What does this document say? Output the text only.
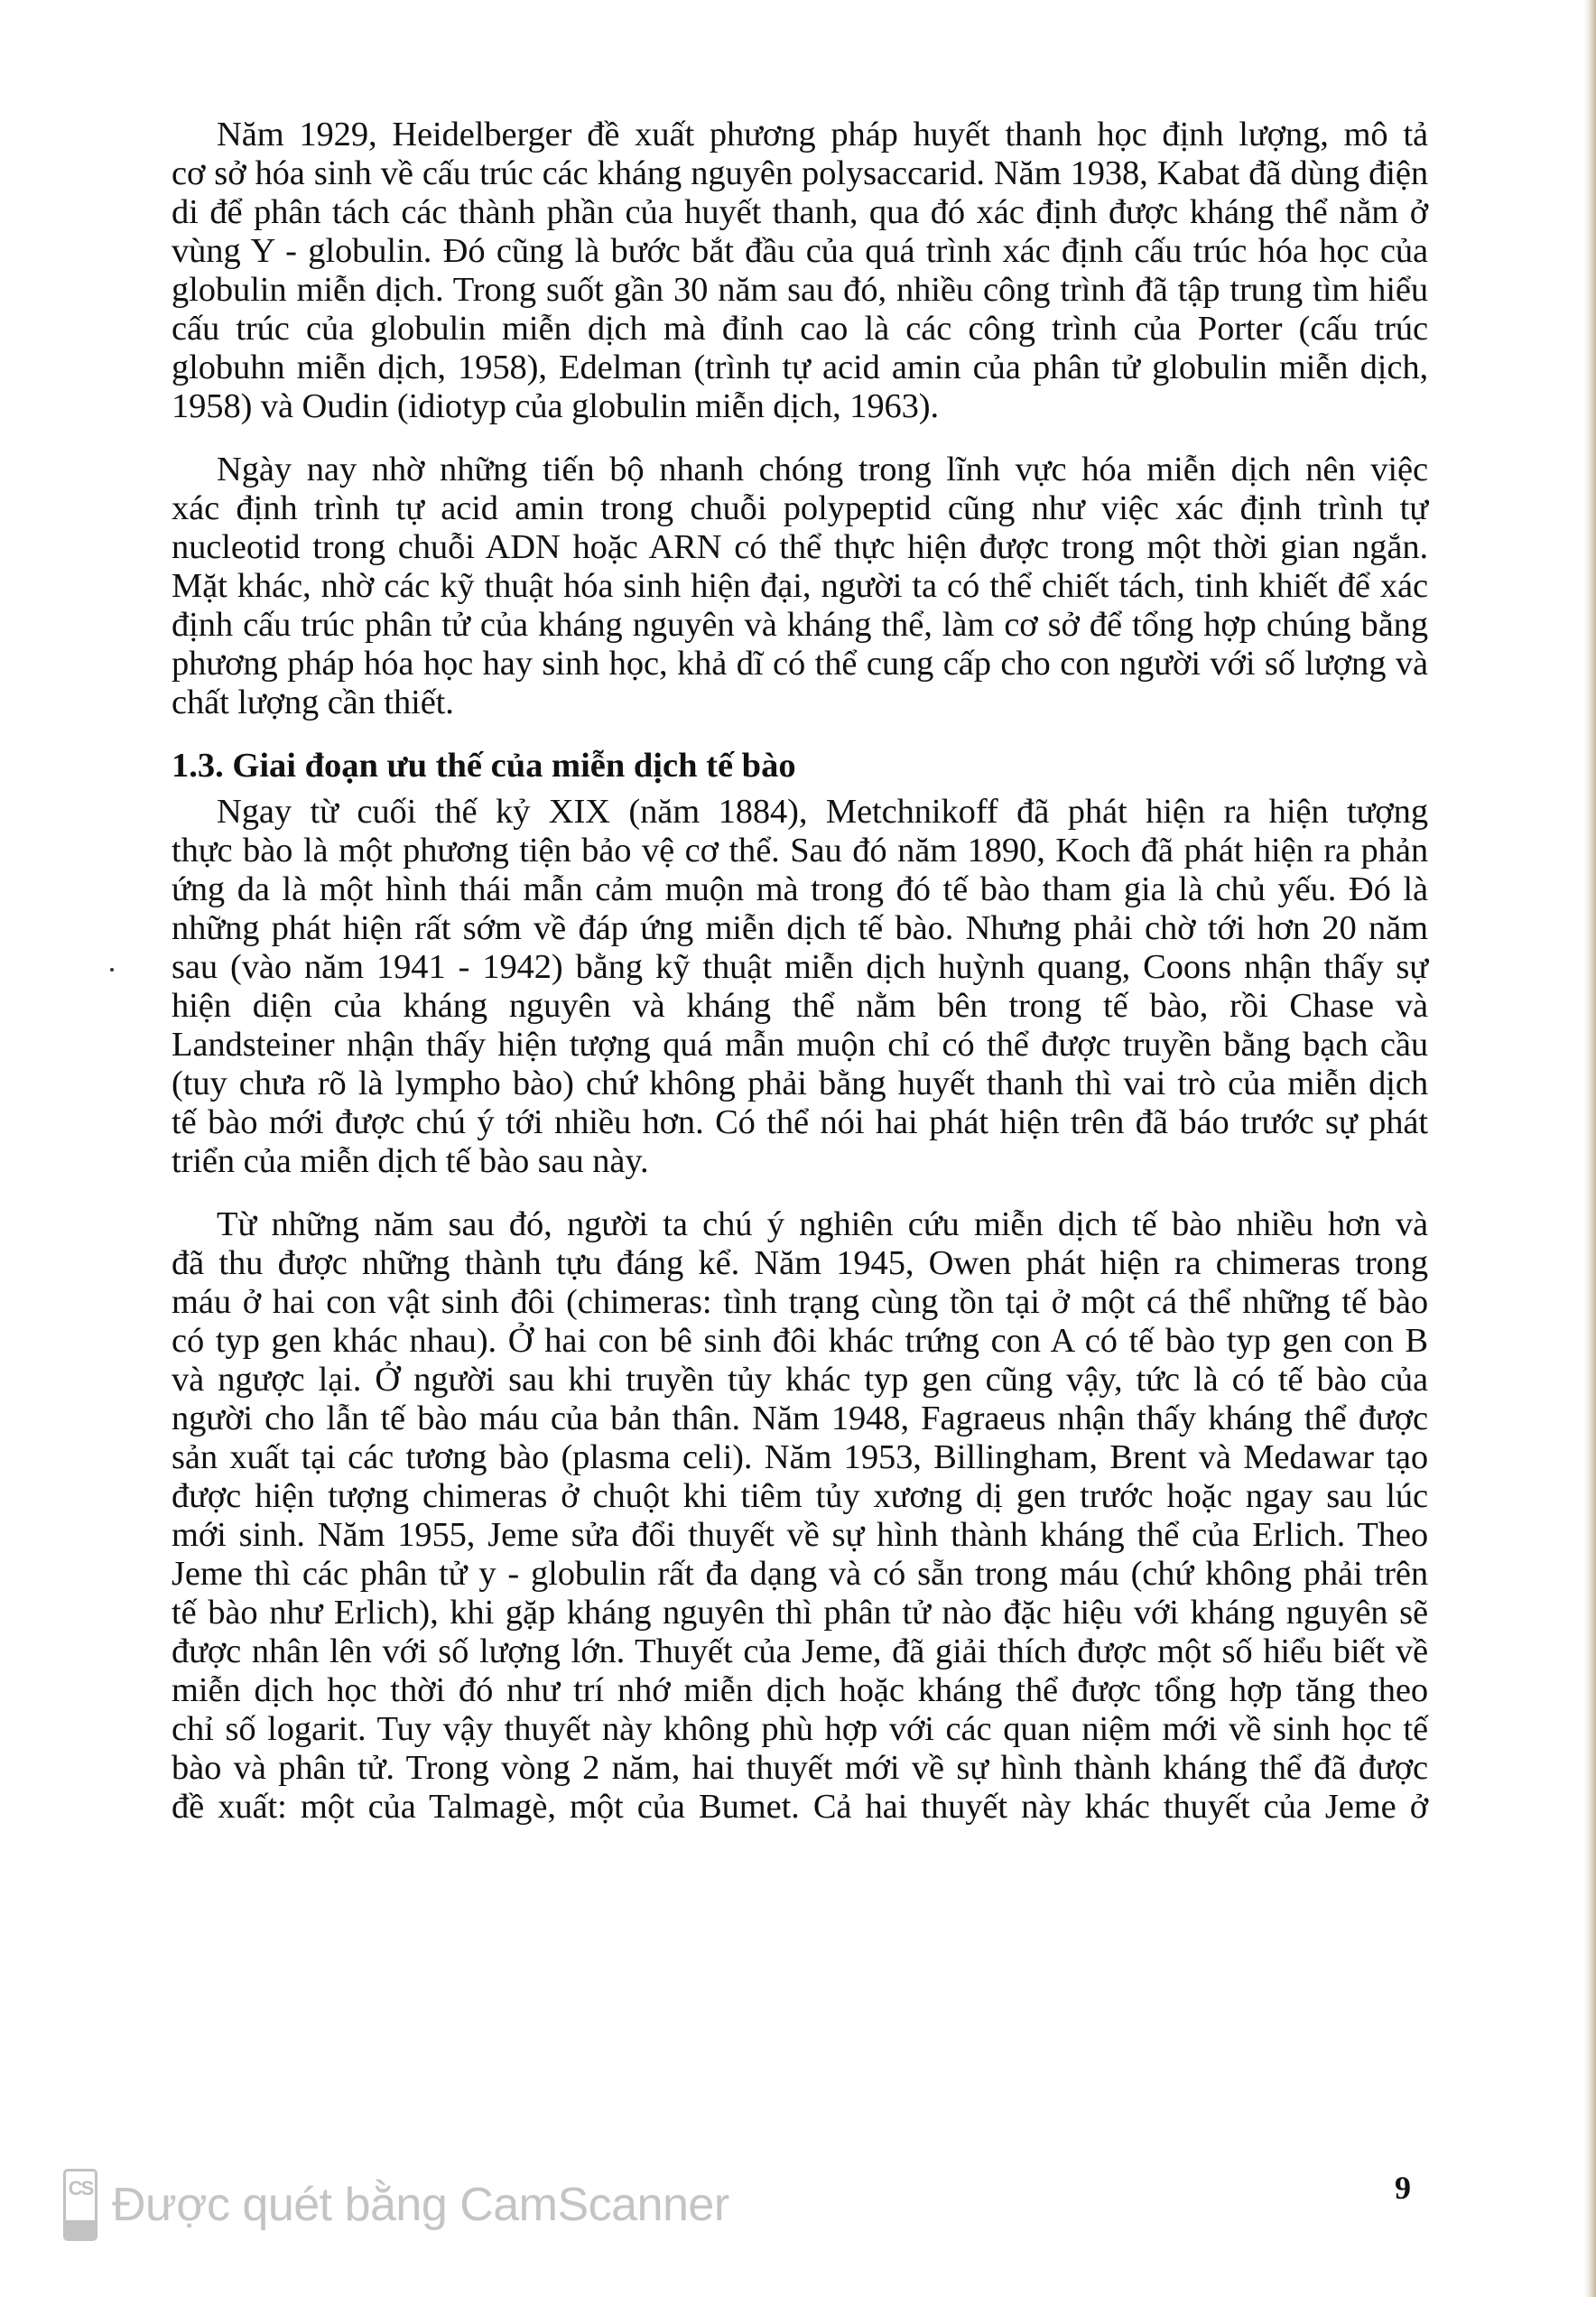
Năm 1929, Heidelberger đề xuất phương pháp huyết thanh học định lượng, mô tả
cơ sở hóa sinh về cấu trúc các kháng nguyên polysaccarid. Năm 1938, Kabat đã dùng điện
di để phân tách các thành phần của huyết thanh, qua đó xác định được kháng thể nằm ở
vùng Y - globulin. Đó cũng là bước bắt đầu của quá trình xác định cấu trúc hóa học của
globulin miễn dịch. Trong suốt gần 30 năm sau đó, nhiều công trình đã tập trung tìm hiểu
cấu trúc của globulin miễn dịch mà đỉnh cao là các công trình của Porter (cấu trúc
globuhn miễn dịch, 1958), Edelman (trình tự acid amin của phân tử globulin miễn dịch,
1958) và Oudin (idiotyp của globulin miễn dịch, 1963).
Ngày nay nhờ những tiến bộ nhanh chóng trong lĩnh vực hóa miễn dịch nên việc
xác định trình tự acid amin trong chuỗi polypeptid cũng như việc xác định trình tự
nucleotid trong chuỗi ADN hoặc ARN có thể thực hiện được trong một thời gian ngắn.
Mặt khác, nhờ các kỹ thuật hóa sinh hiện đại, người ta có thể chiết tách, tinh khiết để xác
định cấu trúc phân tử của kháng nguyên và kháng thể, làm cơ sở để tổng hợp chúng bằng
phương pháp hóa học hay sinh học, khả dĩ có thể cung cấp cho con người với số lượng và
chất lượng cần thiết.
1.3. Giai đoạn ưu thế của miễn dịch tế bào
Ngay từ cuối thế kỷ XIX (năm 1884), Metchnikoff đã phát hiện ra hiện tượng
thực bào là một phương tiện bảo vệ cơ thể. Sau đó năm 1890, Koch đã phát hiện ra phản
ứng da là một hình thái mẫn cảm muộn mà trong đó tế bào tham gia là chủ yếu. Đó là
những phát hiện rất sớm về đáp ứng miễn dịch tế bào. Nhưng phải chờ tới hơn 20 năm
sau (vào năm 1941 - 1942) bằng kỹ thuật miễn dịch huỳnh quang, Coons nhận thấy sự
hiện diện của kháng nguyên và kháng thể nằm bên trong tế bào, rồi Chase và
Landsteiner nhận thấy hiện tượng quá mẫn muộn chỉ có thể được truyền bằng bạch cầu
(tuy chưa rõ là lympho bào) chứ không phải bằng huyết thanh thì vai trò của miễn dịch
tế bào mới được chú ý tới nhiều hơn. Có thể nói hai phát hiện trên đã báo trước sự phát
triển của miễn dịch tế bào sau này.
Từ những năm sau đó, người ta chú ý nghiên cứu miễn dịch tế bào nhiều hơn và
đã thu được những thành tựu đáng kể. Năm 1945, Owen phát hiện ra chimeras trong
máu ở hai con vật sinh đôi (chimeras: tình trạng cùng tồn tại ở một cá thể những tế bào
có typ gen khác nhau). Ở hai con bê sinh đôi khác trứng con A có tế bào typ gen con B
và ngược lại. Ở người sau khi truyền tủy khác typ gen cũng vậy, tức là có tế bào của
người cho lẫn tế bào máu của bản thân. Năm 1948, Fagraeus nhận thấy kháng thể được
sản xuất tại các tương bào (plasma celi). Năm 1953, Billingham, Brent và Medawar tạo
được hiện tượng chimeras ở chuột khi tiêm tủy xương dị gen trước hoặc ngay sau lúc
mới sinh. Năm 1955, Jeme sửa đổi thuyết về sự hình thành kháng thể của Erlich. Theo
Jeme thì các phân tử y - globulin rất đa dạng và có sẵn trong máu (chứ không phải trên
tế bào như Erlich), khi gặp kháng nguyên thì phân tử nào đặc hiệu với kháng nguyên sẽ
được nhân lên với số lượng lớn. Thuyết của Jeme, đã giải thích được một số hiểu biết về
miễn dịch học thời đó như trí nhớ miễn dịch hoặc kháng thể được tổng hợp tăng theo
chỉ số logarit. Tuy vậy thuyết này không phù hợp với các quan niệm mới về sinh học tế
bào và phân tử. Trong vòng 2 năm, hai thuyết mới về sự hình thành kháng thể đã được
đề xuất: một của Talmagè, một của Bumet. Cả hai thuyết này khác thuyết của Jeme ở
CS Được quét bằng CamScanner	9
